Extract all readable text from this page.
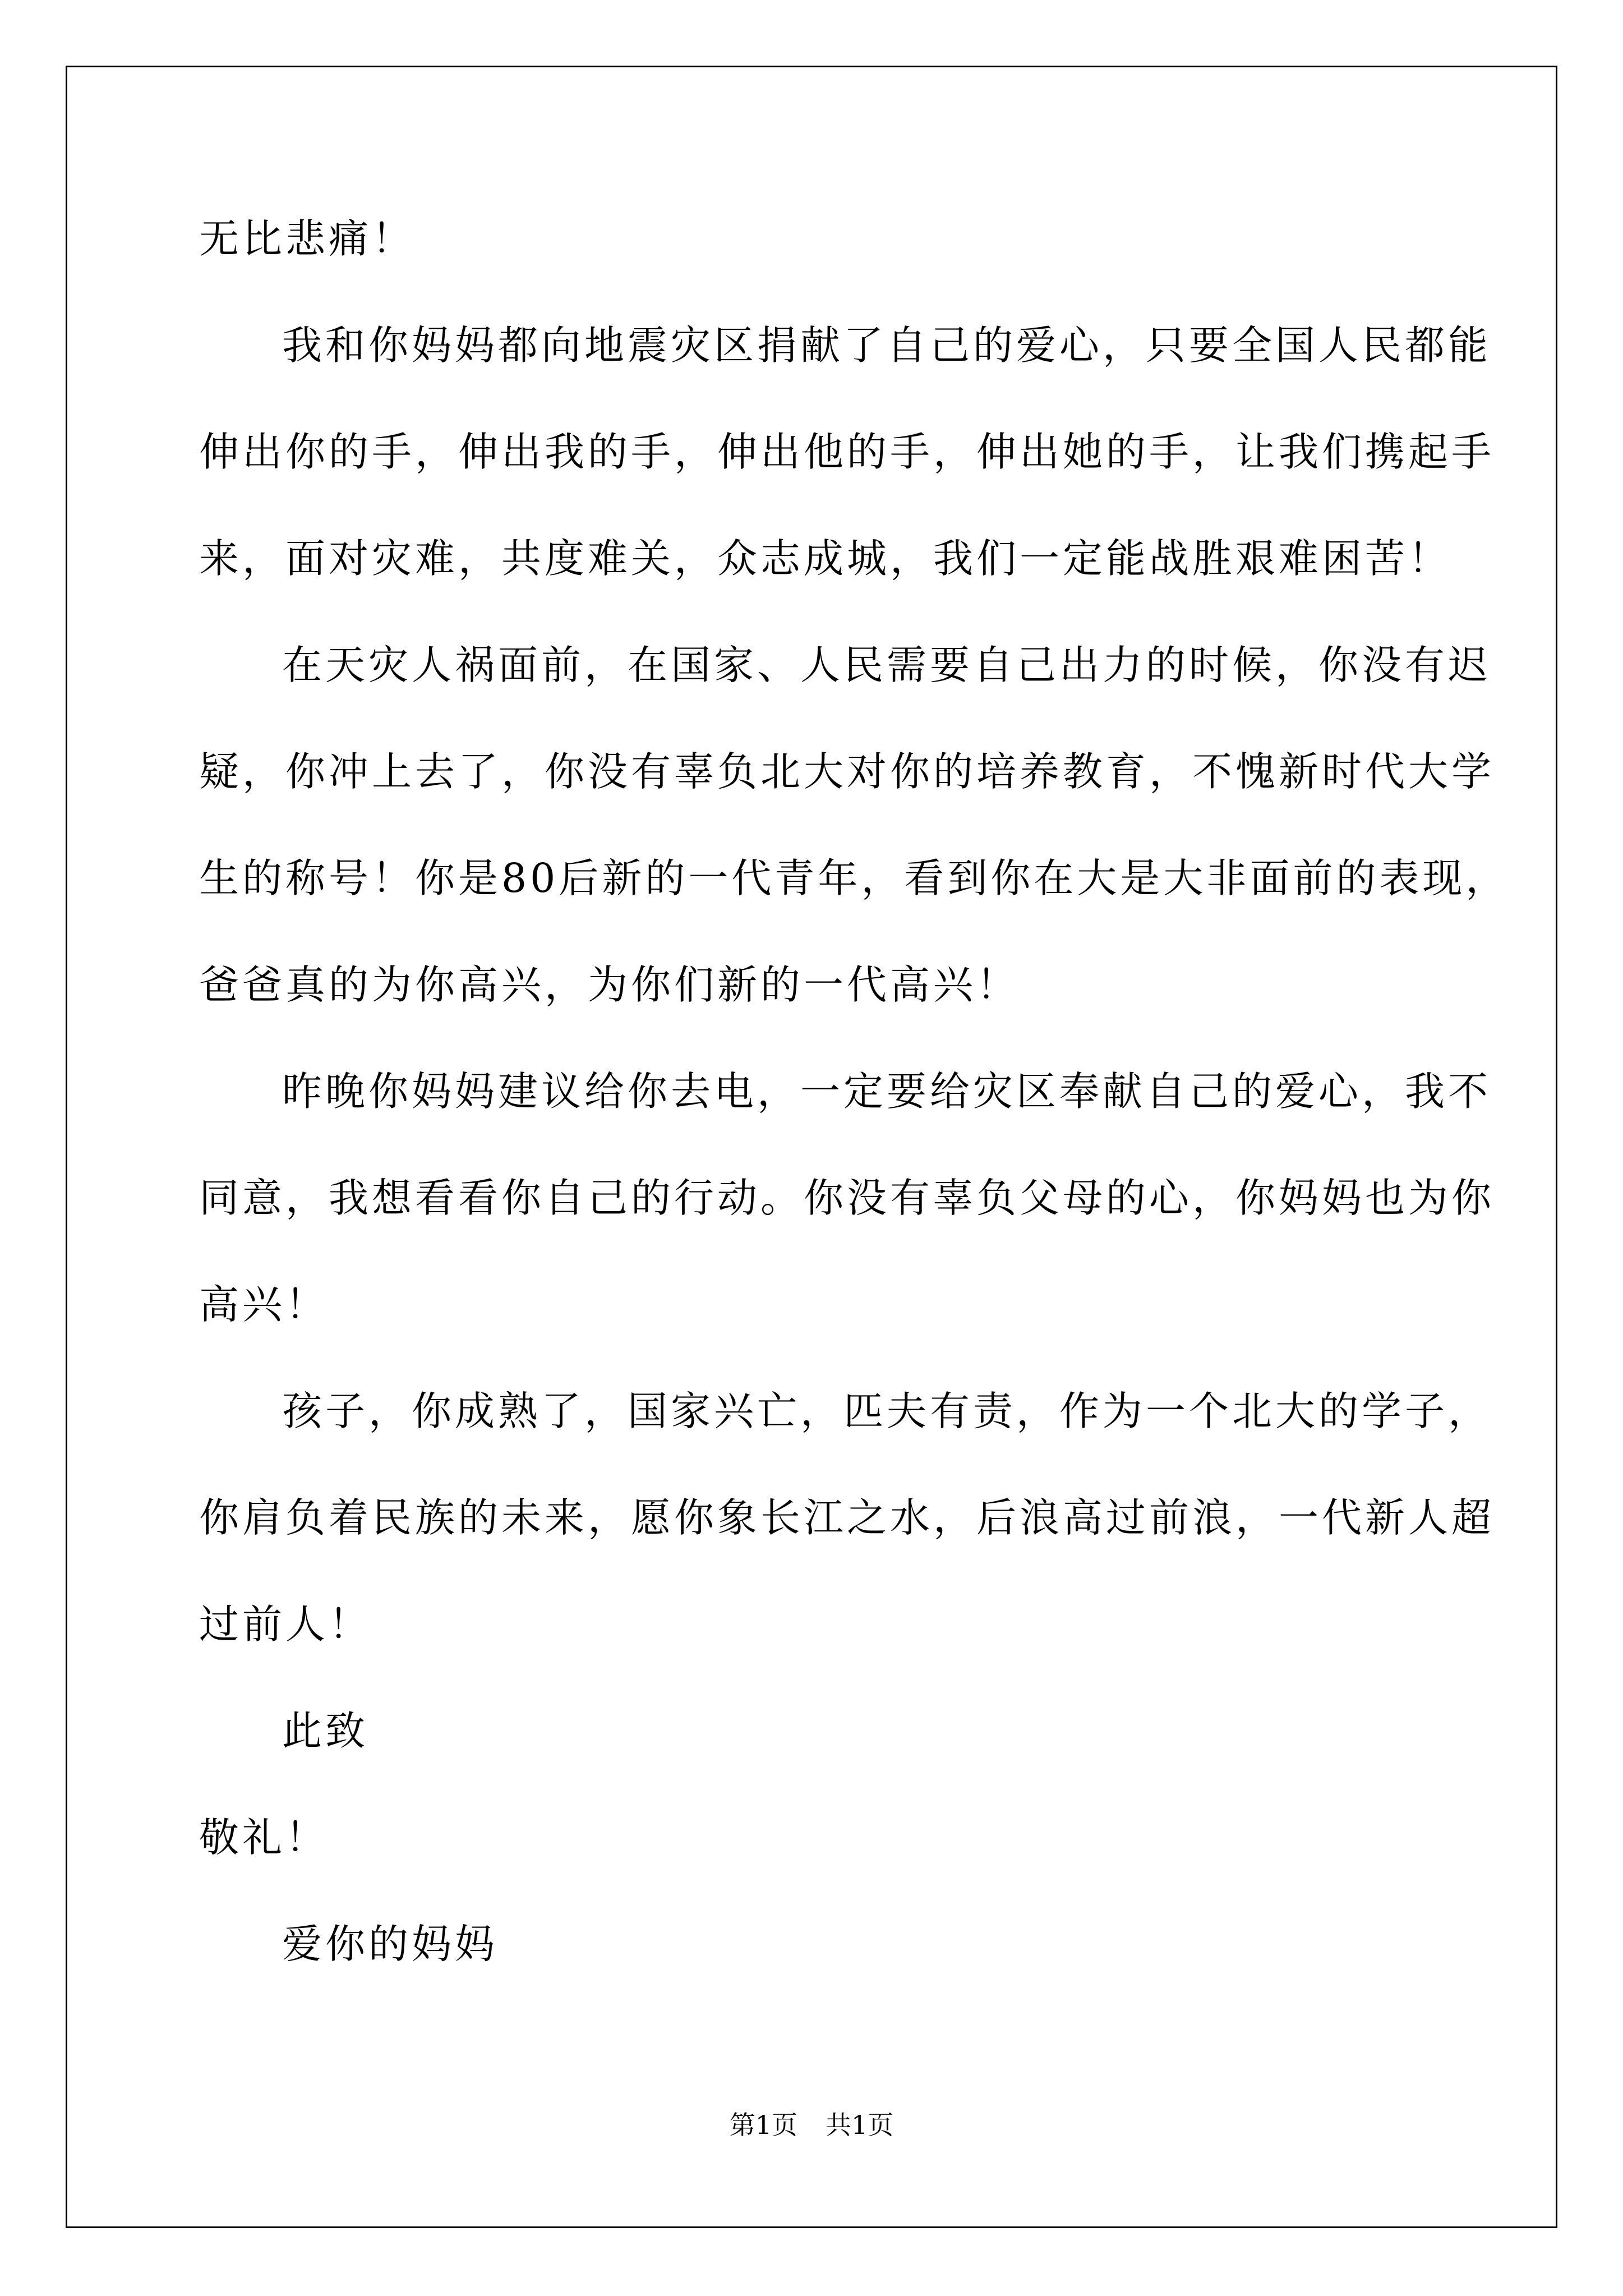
无比悲痛！
我和你妈妈都向地震灾区捐献了自己的爱心，只要全国人民都能
伸出你的手，伸出我的手，伸出他的手，伸出她的手，让我们携起手
来，面对灾难，共度难关，众志成城，我们一定能战胜艰难困苦！
在天灾人祸面前，在国家、人民需要自己出力的时候，你没有迟
疑，你冲上去了，你没有辜负北大对你的培养教育，不愧新时代大学
生的称号！你是80后新的一代青年，看到你在大是大非面前的表现，
爸爸真的为你高兴，为你们新的一代高兴！
昨晚你妈妈建议给你去电，一定要给灾区奉献自己的爱心，我不
同意，我想看看你自己的行动。你没有辜负父母的心，你妈妈也为你
高兴！
孩子，你成熟了，国家兴亡，匹夫有责，作为一个北大的学子，
你肩负着民族的未来，愿你象长江之水，后浪高过前浪，一代新人超
过前人！
此致
敬礼！
爱你的妈妈
第1页 共1页
